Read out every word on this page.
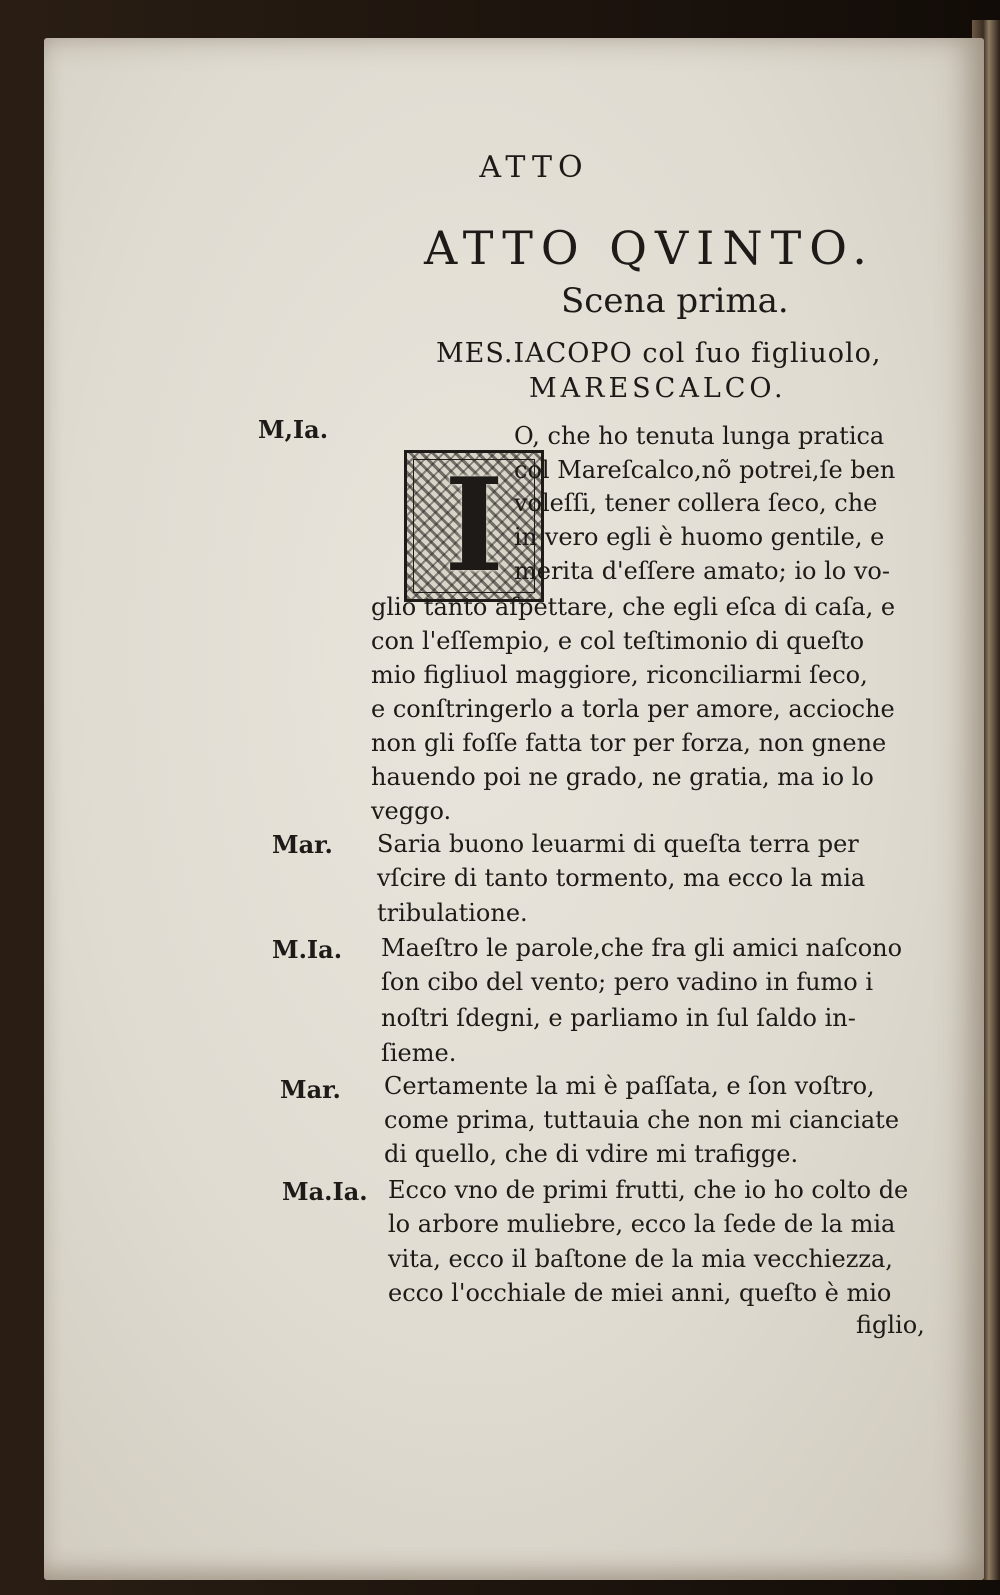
ATTO
ATTO QVINTO.
Scena prima.
MES.IACOPO col ſuo figliuolo,
MARESCALCO.
I
M,Ia.
Mar.
M.Ia.
Mar.
Ma.Ia.
O, che ho tenuta lunga pratica
col Mareſcalco,nõ potrei,ſe ben
voleſſi, tener collera ſeco, che
in vero egli è huomo gentile, e
merita d'eſſere amato; io lo vo-
glio tanto aſpettare, che egli eſca di caſa, e
con l'eſſempio, e col teſtimonio di queſto
mio figliuol maggiore, riconciliarmi ſeco,
e conſtringerlo a torla per amore, accioche
non gli foſſe fatta tor per forza, non gnene
hauendo poi ne grado, ne gratia, ma io lo
veggo.
Saria buono leuarmi di queſta terra per
vſcire di tanto tormento, ma ecco la mia
tribulatione.
Maeſtro le parole,che fra gli amici naſcono
ſon cibo del vento; pero vadino in fumo i
noſtri ſdegni, e parliamo in ſul ſaldo in-
ſieme.
Certamente la mi è paſſata, e ſon voſtro,
come prima, tuttauia che non mi cianciate
di quello, che di vdire mi trafigge.
Ecco vno de primi frutti, che io ho colto de
lo arbore muliebre, ecco la ſede de la mia
vita, ecco il baſtone de la mia vecchiezza,
ecco l'occhiale de miei anni, queſto è mio
figlio,
